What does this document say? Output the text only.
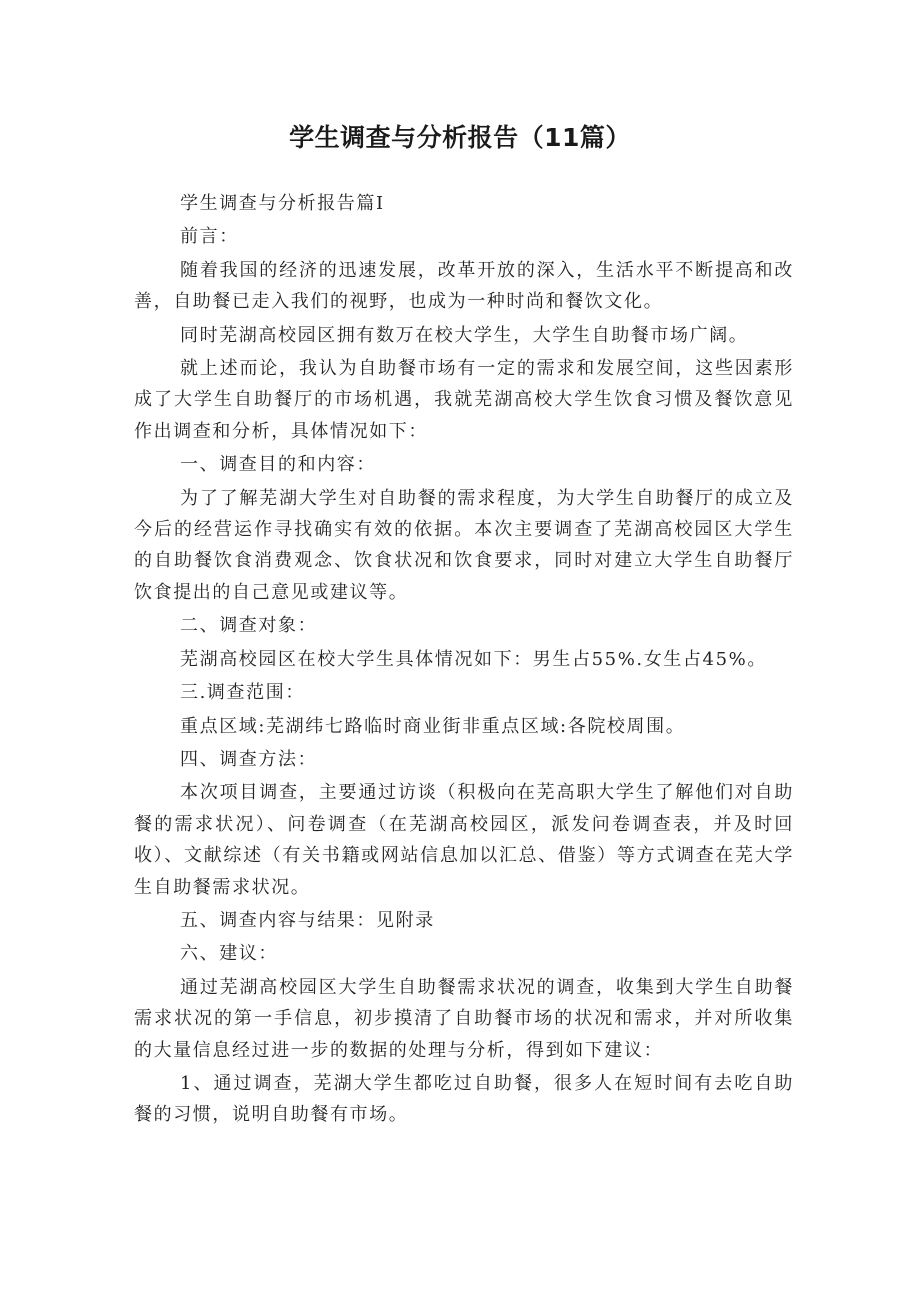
学生调查与分析报告（11篇）

学生调查与分析报告篇I

前言：

随着我国的经济的迅速发展，改革开放的深入，生活水平不断提高和改善，自助餐已走入我们的视野，也成为一种时尚和餐饮文化。

同时芜湖高校园区拥有数万在校大学生，大学生自助餐市场广阔。

就上述而论，我认为自助餐市场有一定的需求和发展空间，这些因素形成了大学生自助餐厅的市场机遇，我就芜湖高校大学生饮食习惯及餐饮意见作出调查和分析，具体情况如下：

一、调查目的和内容：

为了了解芜湖大学生对自助餐的需求程度，为大学生自助餐厅的成立及今后的经营运作寻找确实有效的依据。本次主要调查了芜湖高校园区大学生的自助餐饮食消费观念、饮食状况和饮食要求，同时对建立大学生自助餐厅饮食提出的自己意见或建议等。

二、调查对象：

芜湖高校园区在校大学生具体情况如下：男生占55%.女生占45%。

三.调查范围：

重点区域:芜湖纬七路临时商业街非重点区域:各院校周围。

四、调查方法：

本次项目调查，主要通过访谈（积极向在芜高职大学生了解他们对自助餐的需求状况）、问卷调查（在芜湖高校园区，派发问卷调查表，并及时回收）、文献综述（有关书籍或网站信息加以汇总、借鉴）等方式调查在芜大学生自助餐需求状况。

五、调查内容与结果：见附录

六、建议：

通过芜湖高校园区大学生自助餐需求状况的调查，收集到大学生自助餐需求状况的第一手信息，初步摸清了自助餐市场的状况和需求，并对所收集的大量信息经过进一步的数据的处理与分析，得到如下建议：

1、通过调查，芜湖大学生都吃过自助餐，很多人在短时间有去吃自助餐的习惯，说明自助餐有市场。
